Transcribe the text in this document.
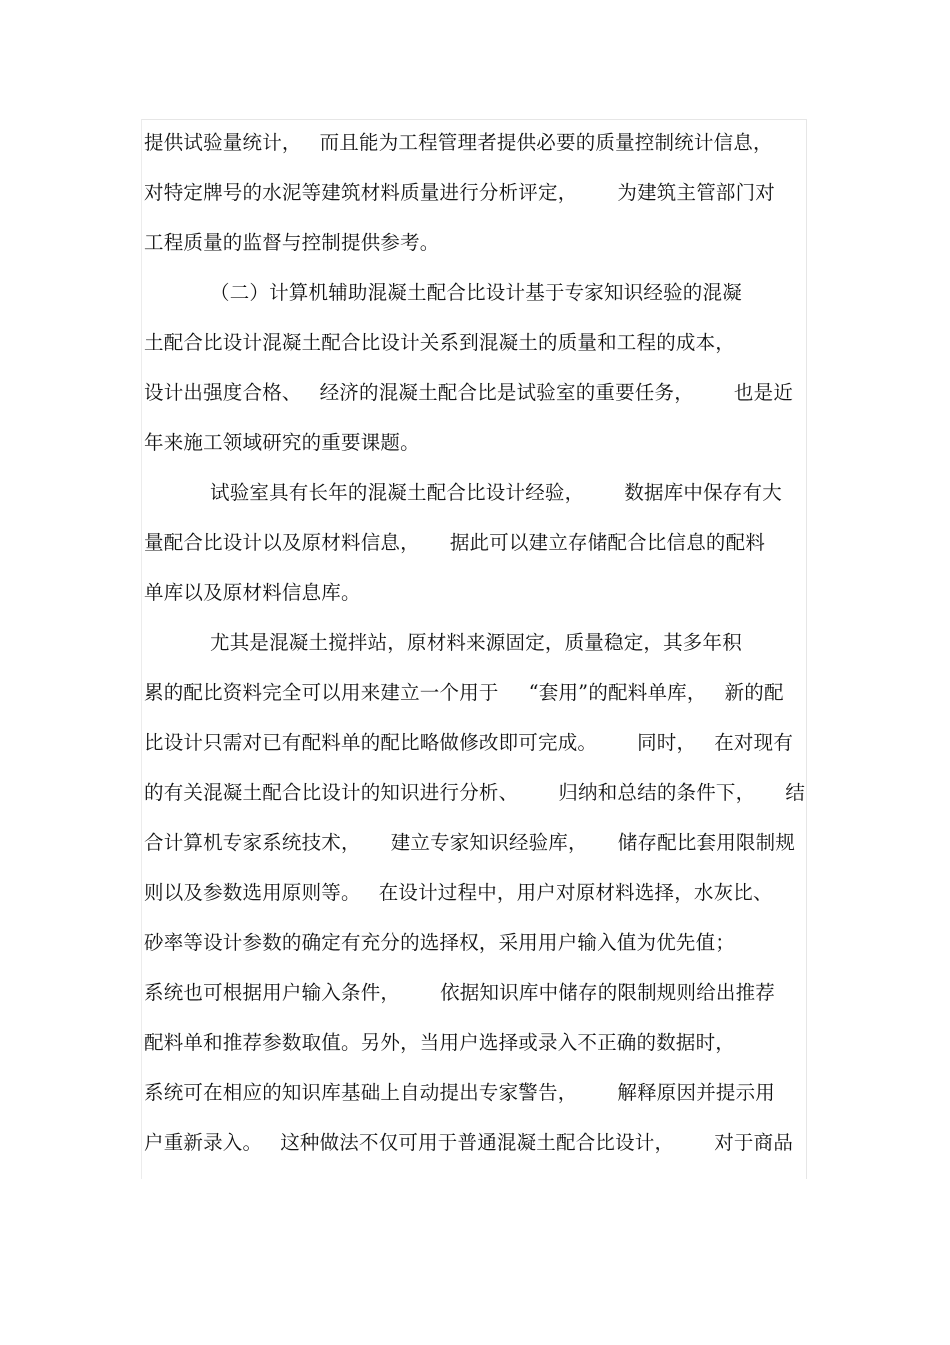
提供试验量统计， 而且能为工程管理者提供必要的质量控制统计信息，
对特定牌号的水泥等建筑材料质量进行分析评定， 为建筑主管部门对
工程质量的监督与控制提供参考。
（二）计算机辅助混凝土配合比设计基于专家知识经验的混凝
土配合比设计混凝土配合比设计关系到混凝土的质量和工程的成本，
设计出强度合格、 经济的混凝土配合比是试验室的重要任务， 也是近
年来施工领域研究的重要课题。
试验室具有长年的混凝土配合比设计经验， 数据库中保存有大
量配合比设计以及原材料信息， 据此可以建立存储配合比信息的配料
单库以及原材料信息库。
尤其是混凝土搅拌站，原材料来源固定，质量稳定，其多年积
累的配比资料完全可以用来建立一个用于 “套用”的配料单库， 新的配
比设计只需对已有配料单的配比略做修改即可完成。 同时， 在对现有
的有关混凝土配合比设计的知识进行分析、 归纳和总结的条件下， 结
合计算机专家系统技术， 建立专家知识经验库， 储存配比套用限制规
则以及参数选用原则等。 在设计过程中，用户对原材料选择，水灰比、
砂率等设计参数的确定有充分的选择权，采用用户输入值为优先值；
系统也可根据用户输入条件， 依据知识库中储存的限制规则给出推荐
配料单和推荐参数取值。另外，当用户选择或录入不正确的数据时，
系统可在相应的知识库基础上自动提出专家警告， 解释原因并提示用
户重新录入。 这种做法不仅可用于普通混凝土配合比设计， 对于商品
